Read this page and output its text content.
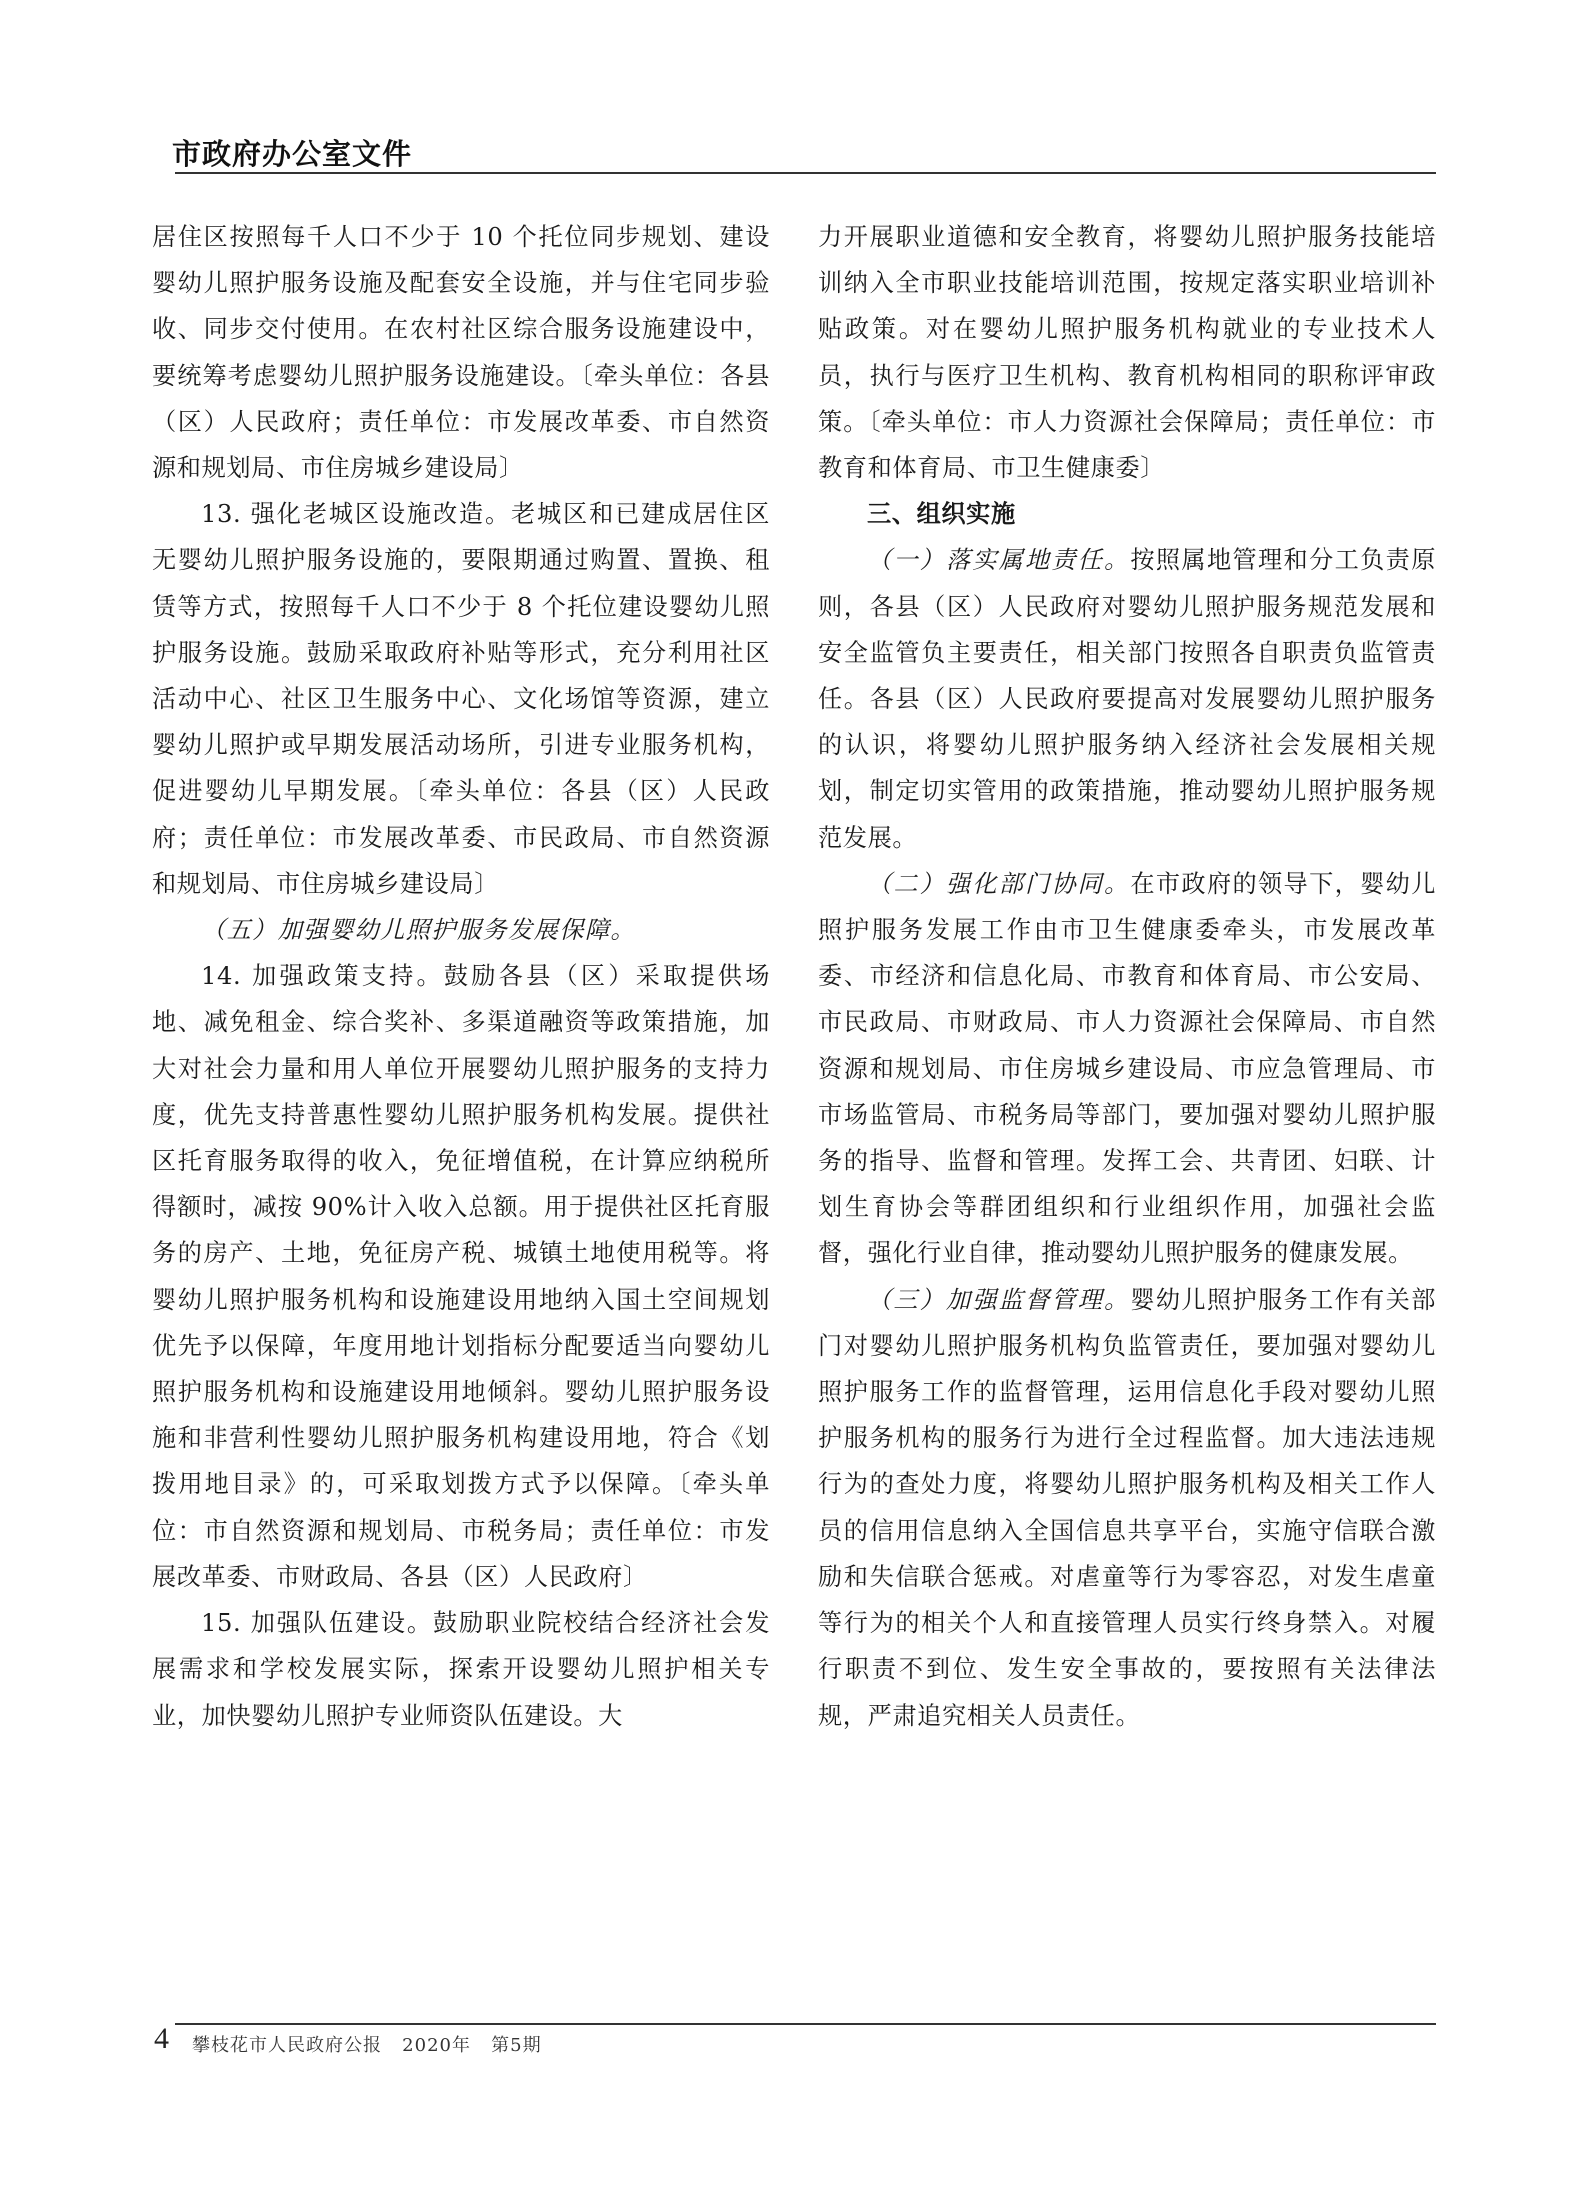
市政府办公室文件

居住区按照每千人口不少于 10 个托位同步规划、建设婴幼儿照护服务设施及配套安全设施，并与住宅同步验收、同步交付使用。在农村社区综合服务设施建设中，要统筹考虑婴幼儿照护服务设施建设。〔牵头单位：各县（区）人民政府；责任单位：市发展改革委、市自然资源和规划局、市住房城乡建设局〕

13. 强化老城区设施改造。老城区和已建成居住区无婴幼儿照护服务设施的，要限期通过购置、置换、租赁等方式，按照每千人口不少于 8 个托位建设婴幼儿照护服务设施。鼓励采取政府补贴等形式，充分利用社区活动中心、社区卫生服务中心、文化场馆等资源，建立婴幼儿照护或早期发展活动场所，引进专业服务机构，促进婴幼儿早期发展。〔牵头单位：各县（区）人民政府；责任单位：市发展改革委、市民政局、市自然资源和规划局、市住房城乡建设局〕

（五）加强婴幼儿照护服务发展保障。

14. 加强政策支持。鼓励各县（区）采取提供场地、减免租金、综合奖补、多渠道融资等政策措施，加大对社会力量和用人单位开展婴幼儿照护服务的支持力度，优先支持普惠性婴幼儿照护服务机构发展。提供社区托育服务取得的收入，免征增值税，在计算应纳税所得额时，减按 90%计入收入总额。用于提供社区托育服务的房产、土地，免征房产税、城镇土地使用税等。将婴幼儿照护服务机构和设施建设用地纳入国土空间规划优先予以保障，年度用地计划指标分配要适当向婴幼儿照护服务机构和设施建设用地倾斜。婴幼儿照护服务设施和非营利性婴幼儿照护服务机构建设用地，符合《划拨用地目录》的，可采取划拨方式予以保障。〔牵头单位：市自然资源和规划局、市税务局；责任单位：市发展改革委、市财政局、各县（区）人民政府〕

15. 加强队伍建设。鼓励职业院校结合经济社会发展需求和学校发展实际，探索开设婴幼儿照护相关专业，加快婴幼儿照护专业师资队伍建设。大

力开展职业道德和安全教育，将婴幼儿照护服务技能培训纳入全市职业技能培训范围，按规定落实职业培训补贴政策。对在婴幼儿照护服务机构就业的专业技术人员，执行与医疗卫生机构、教育机构相同的职称评审政策。〔牵头单位：市人力资源社会保障局；责任单位：市教育和体育局、市卫生健康委〕

三、组织实施

（一）落实属地责任。按照属地管理和分工负责原则，各县（区）人民政府对婴幼儿照护服务规范发展和安全监管负主要责任，相关部门按照各自职责负监管责任。各县（区）人民政府要提高对发展婴幼儿照护服务的认识，将婴幼儿照护服务纳入经济社会发展相关规划，制定切实管用的政策措施，推动婴幼儿照护服务规范发展。

（二）强化部门协同。在市政府的领导下，婴幼儿照护服务发展工作由市卫生健康委牵头，市发展改革委、市经济和信息化局、市教育和体育局、市公安局、市民政局、市财政局、市人力资源社会保障局、市自然资源和规划局、市住房城乡建设局、市应急管理局、市市场监管局、市税务局等部门，要加强对婴幼儿照护服务的指导、监督和管理。发挥工会、共青团、妇联、计划生育协会等群团组织和行业组织作用，加强社会监督，强化行业自律，推动婴幼儿照护服务的健康发展。

（三）加强监督管理。婴幼儿照护服务工作有关部门对婴幼儿照护服务机构负监管责任，要加强对婴幼儿照护服务工作的监督管理，运用信息化手段对婴幼儿照护服务机构的服务行为进行全过程监督。加大违法违规行为的查处力度，将婴幼儿照护服务机构及相关工作人员的信用信息纳入全国信息共享平台，实施守信联合激励和失信联合惩戒。对虐童等行为零容忍，对发生虐童等行为的相关个人和直接管理人员实行终身禁入。对履行职责不到位、发生安全事故的，要按照有关法律法规，严肃追究相关人员责任。

4 攀枝花市人民政府公报 2020年 第5期
